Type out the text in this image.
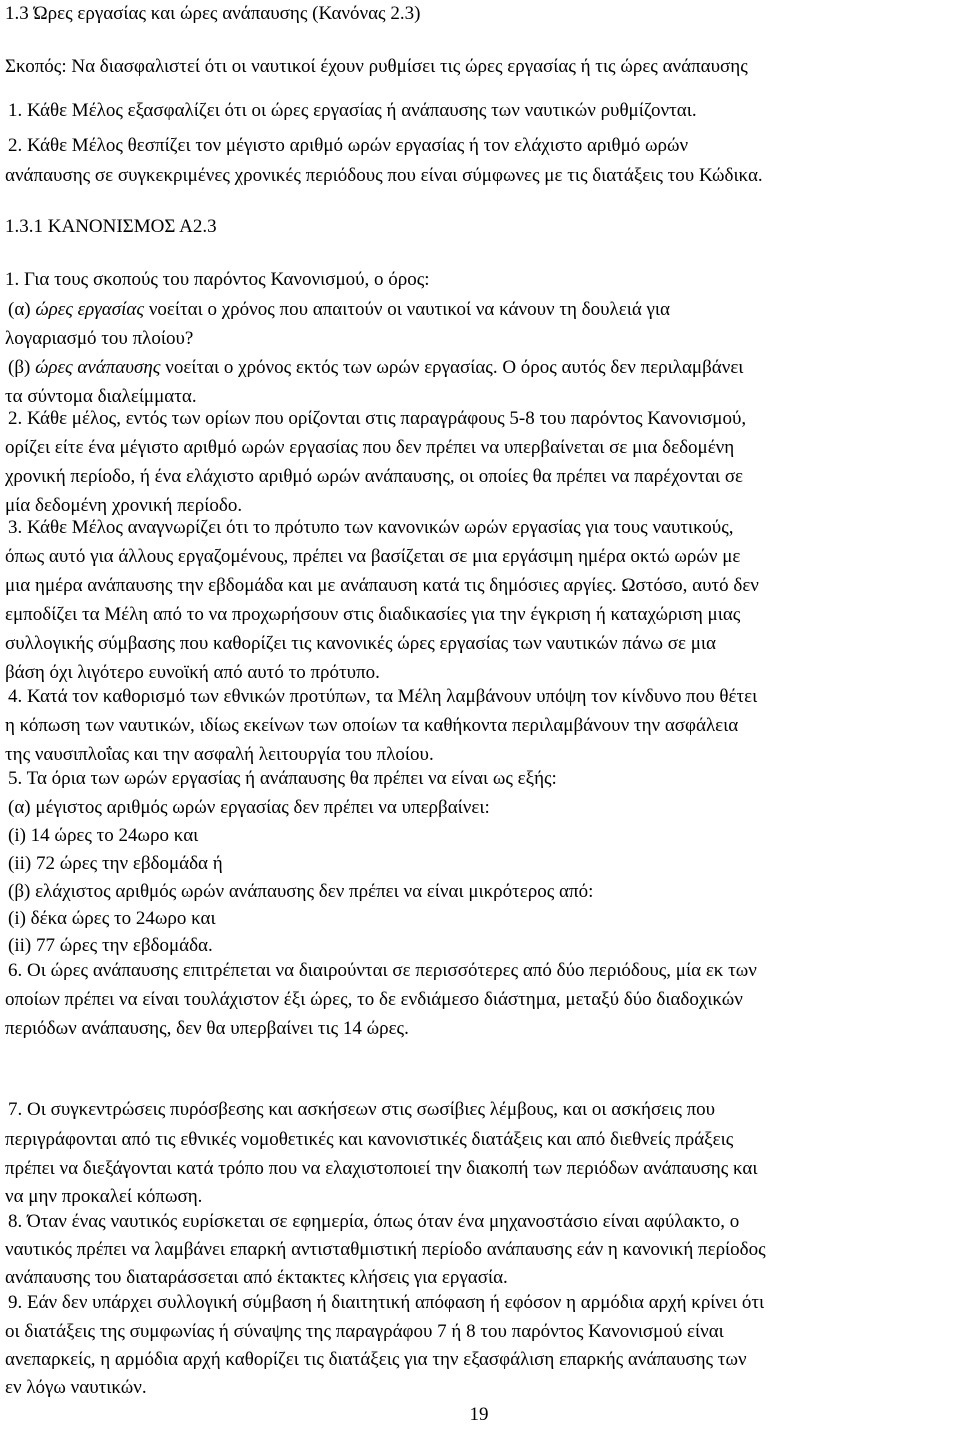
1.3 Ώρες εργασίας και ώρες ανάπαυσης (Κανόνας 2.3)
Σκοπός: Να διασφαλιστεί ότι οι ναυτικοί έχουν ρυθμίσει τις ώρες εργασίας ή τις ώρες ανάπαυσης
1. Κάθε Μέλος εξασφαλίζει ότι οι ώρες εργασίας ή ανάπαυσης των ναυτικών ρυθμίζονται.
2. Κάθε Μέλος θεσπίζει τον μέγιστο αριθμό ωρών εργασίας ή τον ελάχιστο αριθμό ωρών
ανάπαυσης σε συγκεκριμένες χρονικές περιόδους που είναι σύμφωνες με τις διατάξεις του Κώδικα.
1.3.1 ΚΑΝΟΝΙΣΜΟΣ Α2.3
1. Για τους σκοπούς του παρόντος Κανονισμού, ο όρος:
(α) ώρες εργασίας νοείται ο χρόνος που απαιτούν οι ναυτικοί να κάνουν τη δουλειά για
λογαριασμό του πλοίου?
(β) ώρες ανάπαυσης νοείται ο χρόνος εκτός των ωρών εργασίας. Ο όρος αυτός δεν περιλαμβάνει
τα σύντομα διαλείμματα.
2. Κάθε μέλος, εντός των ορίων που ορίζονται στις παραγράφους 5-8 του παρόντος Κανονισμού,
ορίζει είτε ένα μέγιστο αριθμό ωρών εργασίας που δεν πρέπει να υπερβαίνεται σε μια δεδομένη
χρονική περίοδο, ή ένα ελάχιστο αριθμό ωρών ανάπαυσης, οι οποίες θα πρέπει να παρέχονται σε
μία δεδομένη χρονική περίοδο.
3. Κάθε Μέλος αναγνωρίζει ότι το πρότυπο των κανονικών ωρών εργασίας για τους ναυτικούς,
όπως αυτό για άλλους εργαζομένους, πρέπει να βασίζεται σε μια εργάσιμη ημέρα οκτώ ωρών με
μια ημέρα ανάπαυσης την εβδομάδα και με ανάπαυση κατά τις δημόσιες αργίες. Ωστόσο, αυτό δεν
εμποδίζει τα Μέλη από το να προχωρήσουν στις διαδικασίες για την έγκριση ή καταχώριση μιας
συλλογικής σύμβασης που καθορίζει τις κανονικές ώρες εργασίας των ναυτικών πάνω σε μια
βάση όχι λιγότερο ευνοϊκή από αυτό το πρότυπο.
4. Κατά τον καθορισμό των εθνικών προτύπων, τα Μέλη λαμβάνουν υπόψη τον κίνδυνο που θέτει
η κόπωση των ναυτικών, ιδίως εκείνων των οποίων τα καθήκοντα περιλαμβάνουν την ασφάλεια
της ναυσιπλοΐας και την ασφαλή λειτουργία του πλοίου.
5. Τα όρια των ωρών εργασίας ή ανάπαυσης θα πρέπει να είναι ως εξής:
(α) μέγιστος αριθμός ωρών εργασίας δεν πρέπει να υπερβαίνει:
(i) 14 ώρες το 24ωρο και
(ii) 72 ώρες την εβδομάδα ή
(β) ελάχιστος αριθμός ωρών ανάπαυσης δεν πρέπει να είναι μικρότερος από:
(i) δέκα ώρες το 24ωρο και
(ii) 77 ώρες την εβδομάδα.
6. Οι ώρες ανάπαυσης επιτρέπεται να διαιρούνται σε περισσότερες από δύο περιόδους, μία εκ των
οποίων πρέπει να είναι τουλάχιστον έξι ώρες, το δε ενδιάμεσο διάστημα, μεταξύ δύο διαδοχικών
περιόδων ανάπαυσης, δεν θα υπερβαίνει τις 14 ώρες.
7. Οι συγκεντρώσεις πυρόσβεσης και ασκήσεων στις σωσίβιες λέμβους, και οι ασκήσεις που
περιγράφονται από τις εθνικές νομοθετικές και κανονιστικές διατάξεις και από διεθνείς πράξεις
πρέπει να διεξάγονται κατά τρόπο που να ελαχιστοποιεί την διακοπή των περιόδων ανάπαυσης και
να μην προκαλεί κόπωση.
8. Όταν ένας ναυτικός ευρίσκεται σε εφημερία, όπως όταν ένα μηχανοστάσιο είναι αφύλακτο, ο
ναυτικός πρέπει να λαμβάνει επαρκή αντισταθμιστική περίοδο ανάπαυσης εάν η κανονική περίοδος
ανάπαυσης του διαταράσσεται από έκτακτες κλήσεις για εργασία.
9. Εάν δεν υπάρχει συλλογική σύμβαση ή διαιτητική απόφαση ή εφόσον η αρμόδια αρχή κρίνει ότι
οι διατάξεις της συμφωνίας ή σύναψης της παραγράφου 7 ή 8 του παρόντος Κανονισμού είναι
ανεπαρκείς, η αρμόδια αρχή καθορίζει τις διατάξεις για την εξασφάλιση επαρκής ανάπαυσης των
εν λόγω ναυτικών.
19
